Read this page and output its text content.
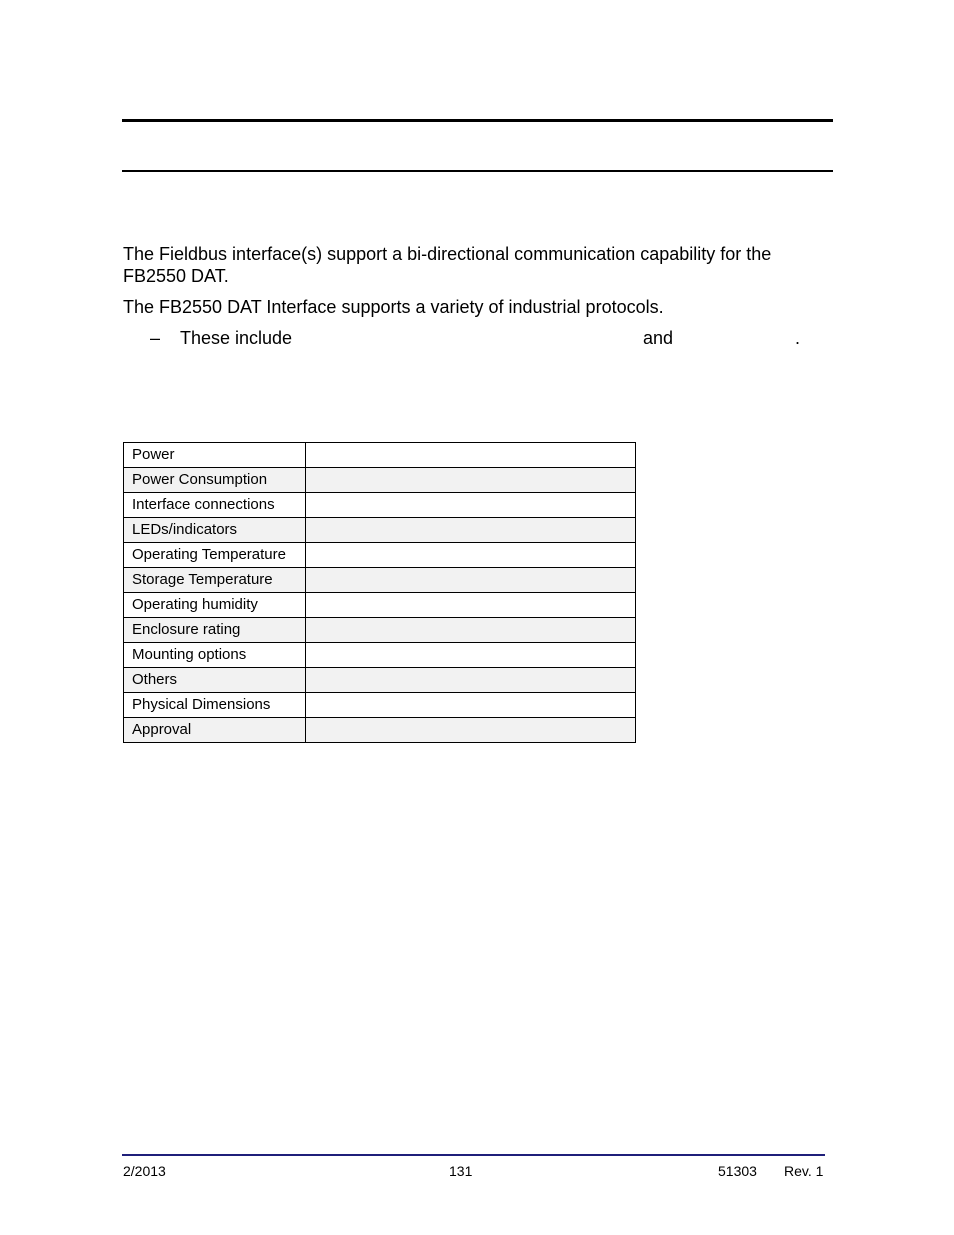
The Fieldbus interface(s) support a bi-directional communication capability for the FB2550 DAT.
The FB2550 DAT Interface supports a variety of industrial protocols.
– These include	and	.
Power	
Power Consumption	
Interface connections	
LEDs/indicators	
Operating Temperature	
Storage Temperature	
Operating humidity	
Enclosure rating	
Mounting options	
Others	
Physical Dimensions	
Approval	
2/2013	131	51303 Rev. 1
